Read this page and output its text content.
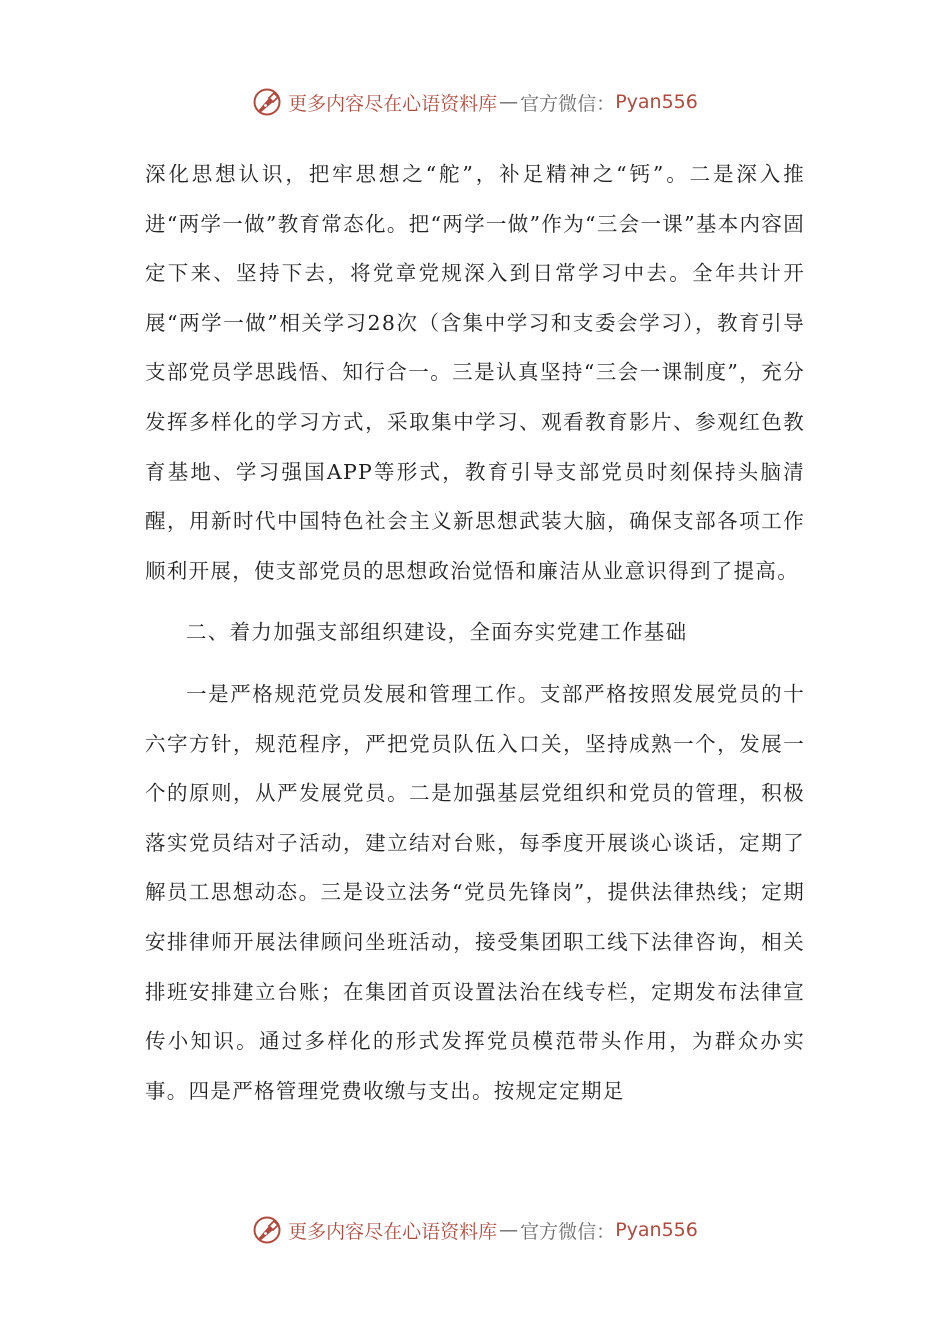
更多内容尽在心语资料库 — 官方微信： Pyan556

深化思想认识，把牢思想之“舵”，补足精神之“钙”。二是深入推进“两学一做”教育常态化。把“两学一做”作为“三会一课”基本内容固定下来、坚持下去，将党章党规深入到日常学习中去。全年共计开展“两学一做”相关学习28次（含集中学习和支委会学习），教育引导支部党员学思践悟、知行合一。三是认真坚持“三会一课制度”，充分发挥多样化的学习方式，采取集中学习、观看教育影片、参观红色教育基地、学习强国APP等形式，教育引导支部党员时刻保持头脑清醒，用新时代中国特色社会主义新思想武装大脑，确保支部各项工作顺利开展，使支部党员的思想政治觉悟和廉洁从业意识得到了提高。

二、着力加强支部组织建设，全面夯实党建工作基础

一是严格规范党员发展和管理工作。支部严格按照发展党员的十六字方针，规范程序，严把党员队伍入口关，坚持成熟一个，发展一个的原则，从严发展党员。二是加强基层党组织和党员的管理，积极落实党员结对子活动，建立结对台账，每季度开展谈心谈话，定期了解员工思想动态。三是设立法务“党员先锋岗”，提供法律热线；定期安排律师开展法律顾问坐班活动，接受集团职工线下法律咨询，相关排班安排建立台账；在集团首页设置法治在线专栏，定期发布法律宣传小知识。通过多样化的形式发挥党员模范带头作用，为群众办实事。四是严格管理党费收缴与支出。按规定定期足

更多内容尽在心语资料库 — 官方微信： Pyan556
